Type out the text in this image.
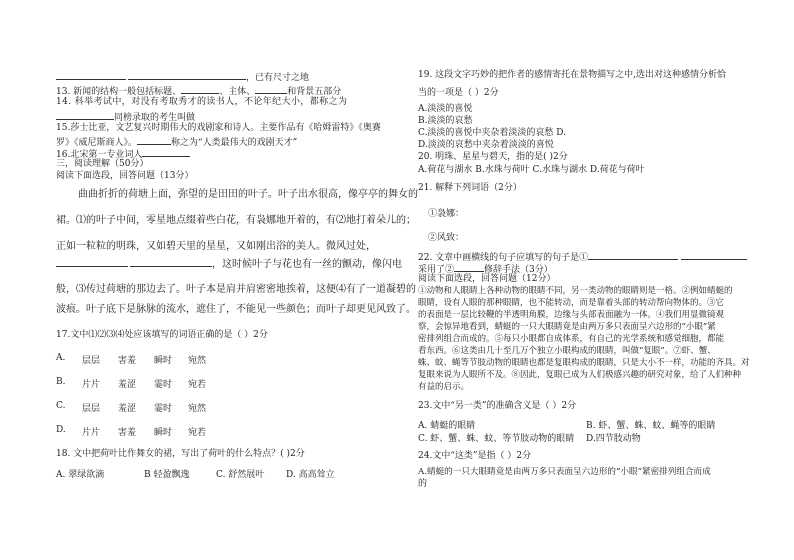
，已有尺寸之地
13. 新闻的结构一般包括标题、	、主体、	和背景五部分
14. 科举考试中，对没有考取秀才的读书人，不论年纪大小，都称之为
同榜录取的考生叫做
15.莎士比亚，文艺复兴时期伟大的戏剧家和诗人。主要作品有《哈姆雷特》《奥赛
罗》《威尼斯商人》。	称之为“人类最伟大的戏剧天才”
16.北宋第一专业词人
三，阅读理解（50分）
阅读下面选段，回答问题（13分）
曲曲折折的荷塘上面，弥望的是田田的叶子。叶子出水很高，像亭亭的舞女的
裙。⑴的叶子中间，零星地点缀着些白花，有袅娜地开着的，有⑵地打着朵儿的；
正如一粒粒的明珠，又如碧天里的星星，又如刚出浴的美人。微风过处，
，这时候叶子与花也有一丝的颤动，像闪电
般，⑶传过荷塘的那边去了。叶子本是肩并肩密密地挨着，这便⑷有了一道凝碧的
波痕。叶子底下是脉脉的流水，遮住了，不能见一些颜色；而叶子却更见风致了。
17.文中⑴⑵⑶⑷处应该填写的词语正确的是（ ）2分
A. 层层 害羞 瞬时 宛然
B. 片片 羞涩 霎时 宛若
C. 层层 羞涩 霎时 宛然
D. 片片 害羞 瞬时 宛若
18. 文中把荷叶比作舞女的裙，写出了荷叶的什么特点？( )2分
A. 翠绿欲滴	B 轻盈飘逸	C. 舒然展叶 D. 高高耸立
19. 这段文字巧妙的把作者的感情寄托在景物描写之中,选出对这种感情分析恰
当的一项是（ ）2分
A.淡淡的喜悦
B.淡淡的哀愁
C.淡淡的喜悦中夹杂着淡淡的哀愁 D.
D.淡淡的哀愁中夹杂着淡淡的喜悦
20. 明珠、星星与碧天，指的是( )2分
A.荷花与湖水 B.水珠与荷叶 C.水珠与湖水 D.荷花与荷叶
21. 解释下列词语（2分）
①袅娜：
②风致：
22. 文章中画横线的句子应填写的句子是①
采用了②	修辞手法（3分）
阅读下面选段，回答问题（12分）
①动物和人眼睛上各种动物的眼睛不同，另一类动物的眼睛则是一格。②例如蜻蜓的
眼睛，设有人眼的那种眼睛，也不能转动，而是靠着头部的转动帮向物体的。③它
的表面是一层比较鞭的半透明角膜，边缘与头部表面融为一体。④我们用显微镜观
察，会惊异地看到，蜻蜓的一只大眼睛竟是由两万多只表面呈六边形的“小眼”紧
密排列组合而成的。⑤每只小眼都自成体系，有自己的光学系统和感觉细胞，都能
看东西。⑥这类由几十至几万个独立小眼构成的眼睛，叫做“复眼”。⑦虾、蟹、
蛛、蚊、蝇等节肢动物的眼睛也都是复眼构成的眼睛，只是大小不一样，功能的齐具。对
复眼来说为人眼所不及。⑧因此，复眼已成为人们极感兴趣的研究对象，给了人们种种
有益的启示。
23.文中“另一类”的准确含义是（ ）2分
A. 蜻蜓的眼睛	B. 虾、蟹、蛛、蚊、蝇等的眼睛
C. 虾、蟹、蛛、蚊、等节肢动物的眼睛 D.四节肢动物
24.文中“这类”是指（ ）2分
A.蜻蜓的一只大眼睛竟是由两万多只表面呈六边形的“小眼”紧密排列组合而成
的
